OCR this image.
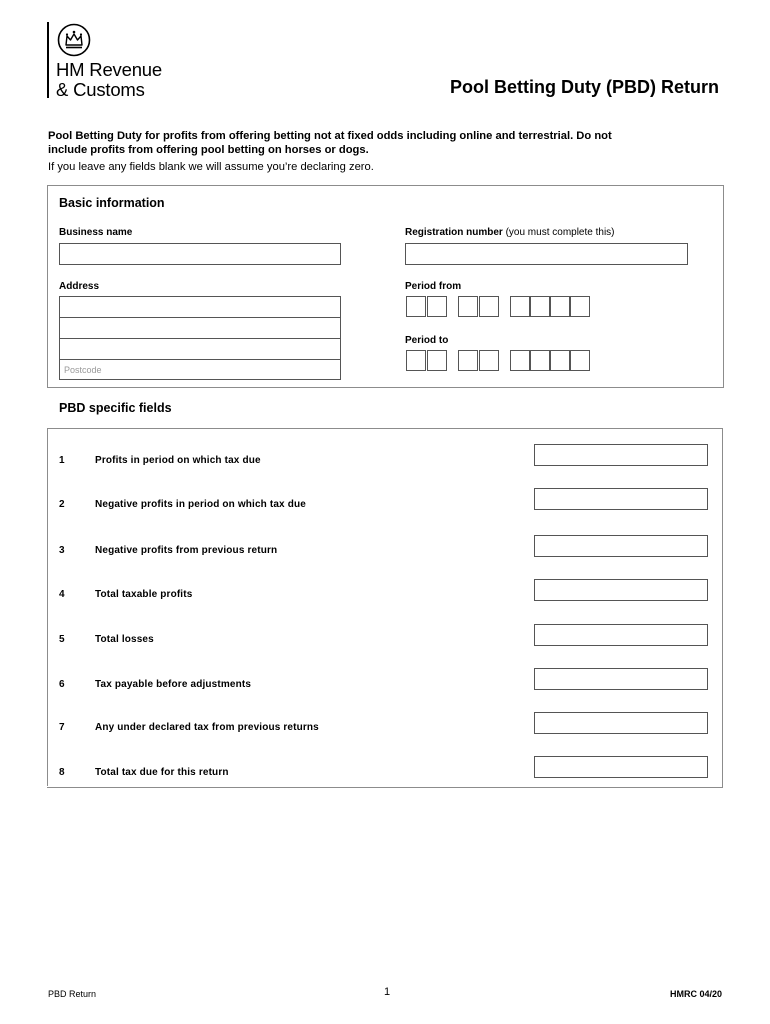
HM Revenue
& Customs	Pool Betting Duty (PBD) Return
Pool Betting Duty for profits from offering betting not at fixed odds including online and terrestrial. Do not
include profits from offering pool betting on horses or dogs.
If you leave any fields blank we will assume you’re declaring zero.
Basic information
Business name	Registration number (you must complete this)
Address
Postcode
Period from
Period to
PBD specific fields
1	Profits in period on which tax due
2	Negative profits in period on which tax due
3	Negative profits from previous return
4	Total taxable profits
5	Total losses
6	Tax payable before adjustments
7	Any under declared tax from previous returns
8	Total tax due for this return
PBD Return	1	HMRC 04/20
